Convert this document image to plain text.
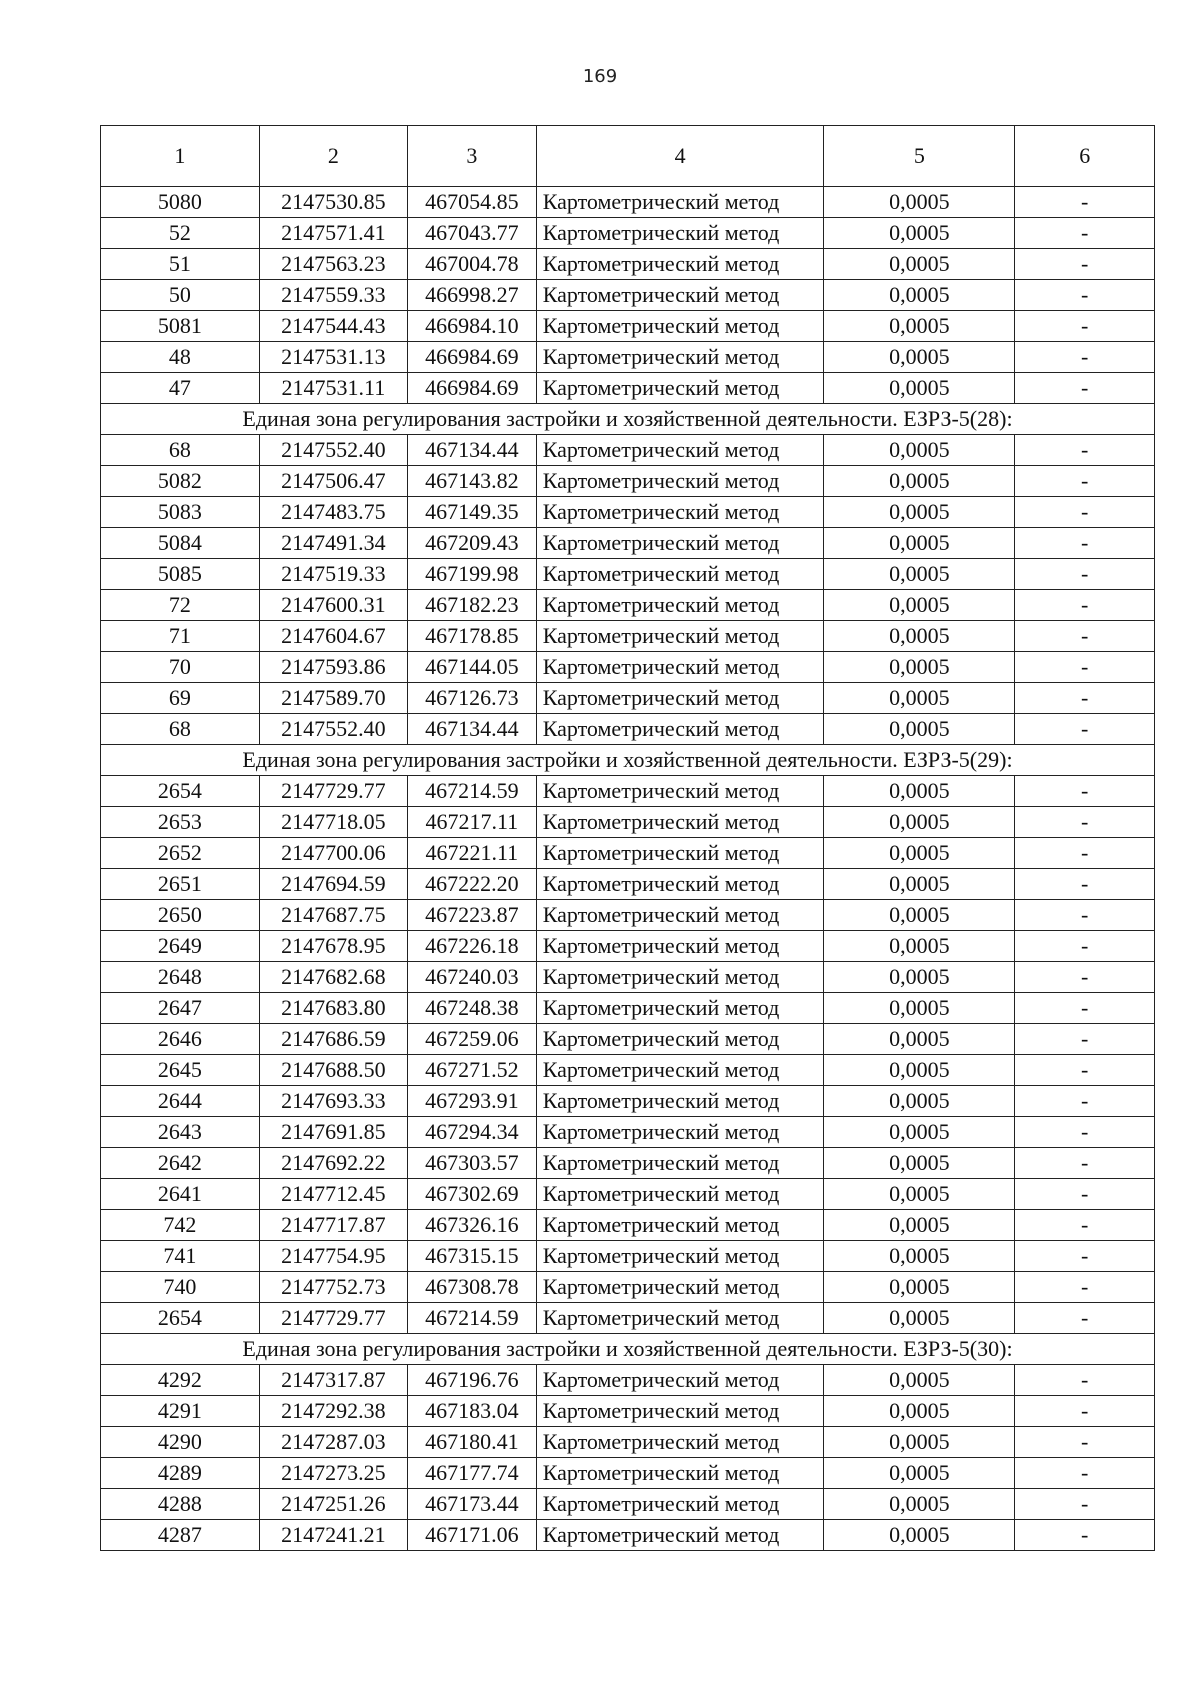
169
1	2	3	4	5	6
5080	2147530.85	467054.85	Картометрический метод	0,0005	-
52	2147571.41	467043.77	Картометрический метод	0,0005	-
51	2147563.23	467004.78	Картометрический метод	0,0005	-
50	2147559.33	466998.27	Картометрический метод	0,0005	-
5081	2147544.43	466984.10	Картометрический метод	0,0005	-
48	2147531.13	466984.69	Картометрический метод	0,0005	-
47	2147531.11	466984.69	Картометрический метод	0,0005	-
Единая зона регулирования застройки и хозяйственной деятельности. ЕЗРЗ-5(28):					
68	2147552.40	467134.44	Картометрический метод	0,0005	-
5082	2147506.47	467143.82	Картометрический метод	0,0005	-
5083	2147483.75	467149.35	Картометрический метод	0,0005	-
5084	2147491.34	467209.43	Картометрический метод	0,0005	-
5085	2147519.33	467199.98	Картометрический метод	0,0005	-
72	2147600.31	467182.23	Картометрический метод	0,0005	-
71	2147604.67	467178.85	Картометрический метод	0,0005	-
70	2147593.86	467144.05	Картометрический метод	0,0005	-
69	2147589.70	467126.73	Картометрический метод	0,0005	-
68	2147552.40	467134.44	Картометрический метод	0,0005	-
Единая зона регулирования застройки и хозяйственной деятельности. ЕЗРЗ-5(29):					
2654	2147729.77	467214.59	Картометрический метод	0,0005	-
2653	2147718.05	467217.11	Картометрический метод	0,0005	-
2652	2147700.06	467221.11	Картометрический метод	0,0005	-
2651	2147694.59	467222.20	Картометрический метод	0,0005	-
2650	2147687.75	467223.87	Картометрический метод	0,0005	-
2649	2147678.95	467226.18	Картометрический метод	0,0005	-
2648	2147682.68	467240.03	Картометрический метод	0,0005	-
2647	2147683.80	467248.38	Картометрический метод	0,0005	-
2646	2147686.59	467259.06	Картометрический метод	0,0005	-
2645	2147688.50	467271.52	Картометрический метод	0,0005	-
2644	2147693.33	467293.91	Картометрический метод	0,0005	-
2643	2147691.85	467294.34	Картометрический метод	0,0005	-
2642	2147692.22	467303.57	Картометрический метод	0,0005	-
2641	2147712.45	467302.69	Картометрический метод	0,0005	-
742	2147717.87	467326.16	Картометрический метод	0,0005	-
741	2147754.95	467315.15	Картометрический метод	0,0005	-
740	2147752.73	467308.78	Картометрический метод	0,0005	-
2654	2147729.77	467214.59	Картометрический метод	0,0005	-
Единая зона регулирования застройки и хозяйственной деятельности. ЕЗРЗ-5(30):					
4292	2147317.87	467196.76	Картометрический метод	0,0005	-
4291	2147292.38	467183.04	Картометрический метод	0,0005	-
4290	2147287.03	467180.41	Картометрический метод	0,0005	-
4289	2147273.25	467177.74	Картометрический метод	0,0005	-
4288	2147251.26	467173.44	Картометрический метод	0,0005	-
4287	2147241.21	467171.06	Картометрический метод	0,0005	-
